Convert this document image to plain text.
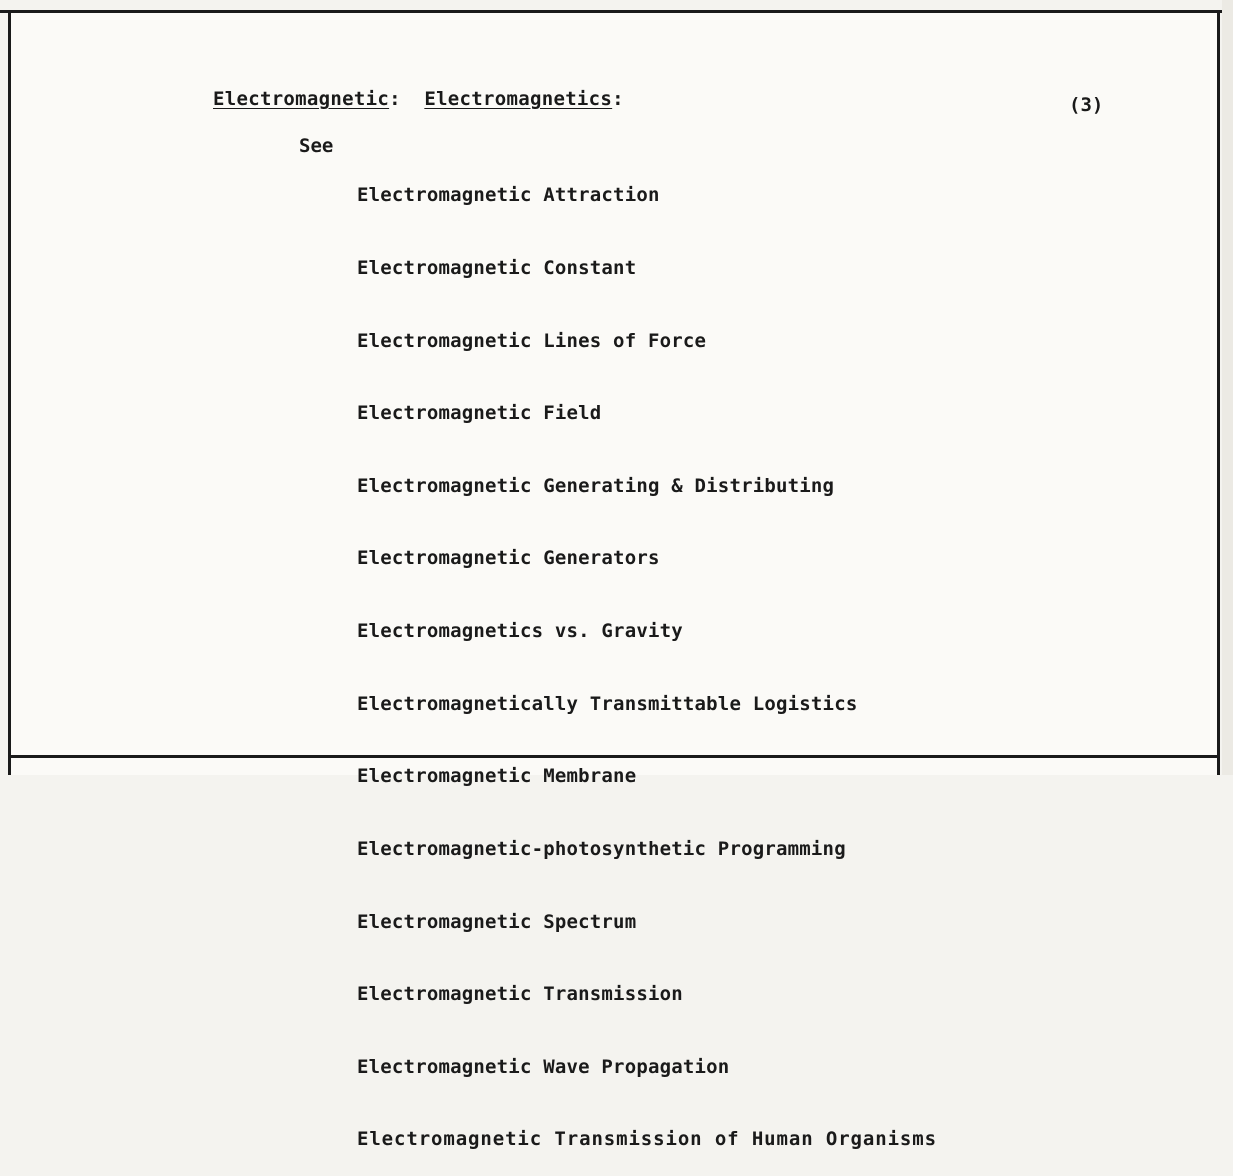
Electromagnetic: Electromagnetics:	(3)
See

Electromagnetic Attraction

Electromagnetic Constant

Electromagnetic Lines of Force

Electromagnetic Field

Electromagnetic Generating & Distributing

Electromagnetic Generators

Electromagnetics vs. Gravity

Electromagnetically Transmittable Logistics

Electromagnetic Membrane

Electromagnetic-photosynthetic Programming

Electromagnetic Spectrum

Electromagnetic Transmission

Electromagnetic Wave Propagation

Electromagnetic Transmission of Human Organisms
